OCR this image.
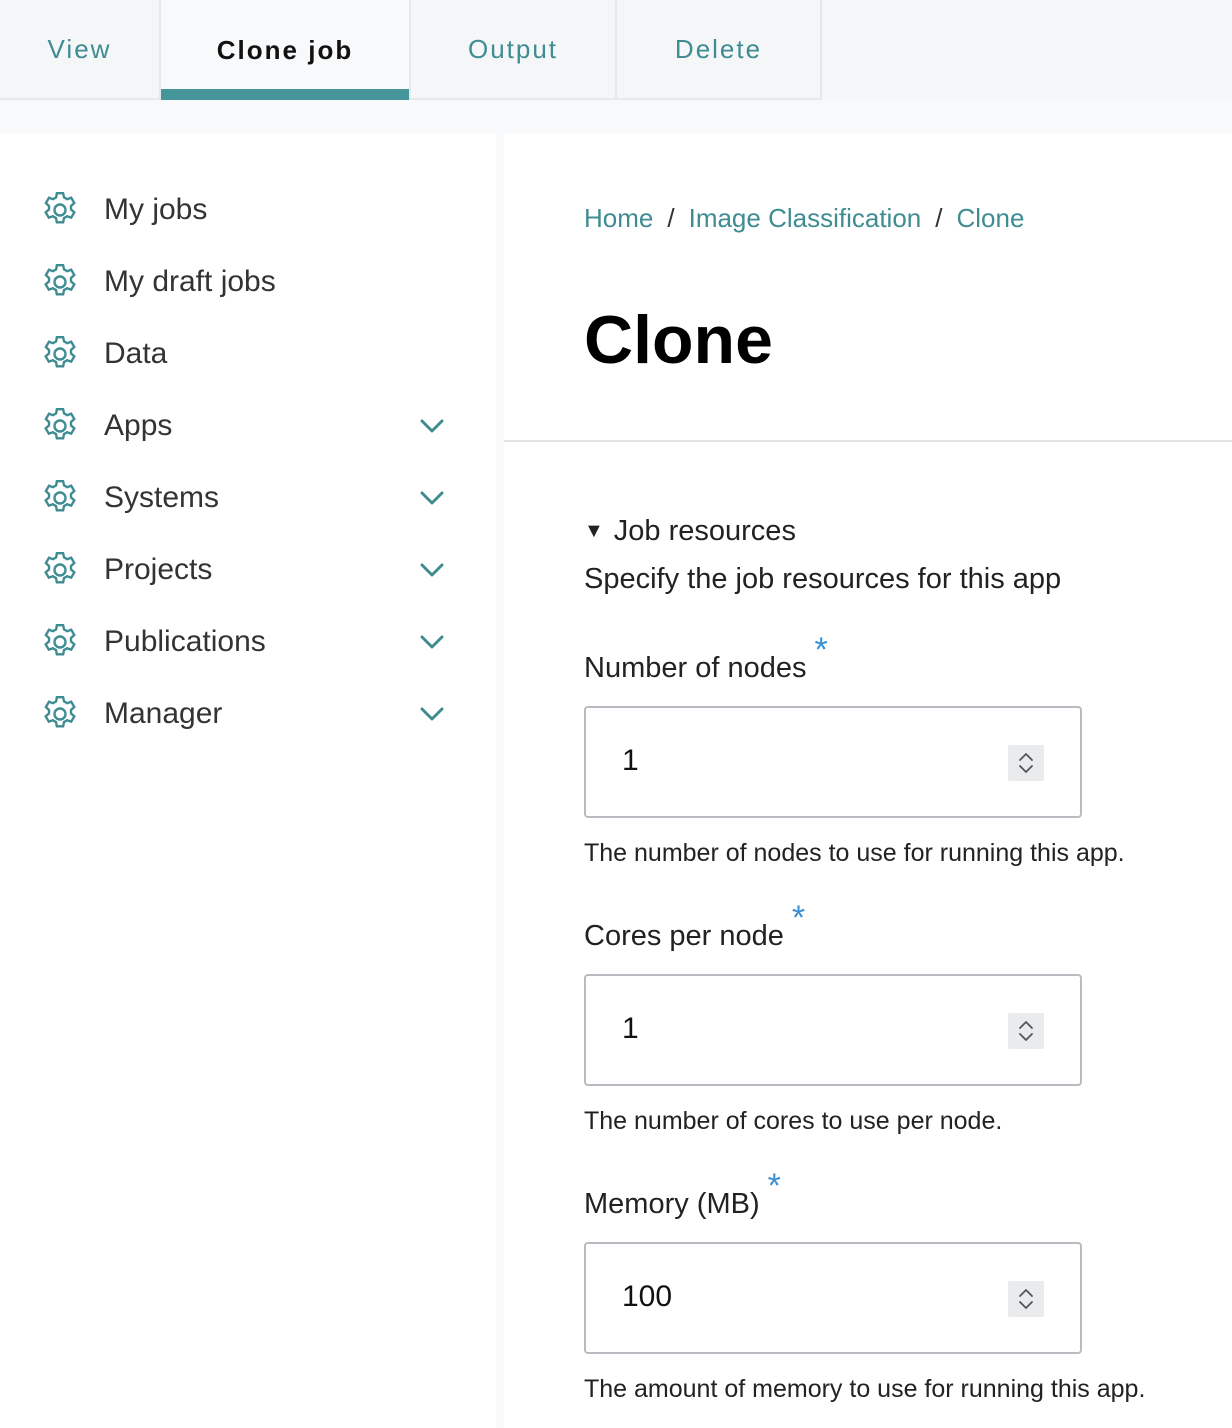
View	Clone job	Output	Delete
My jobs
My draft jobs
Data
Apps
Systems
Projects
Publications
Manager
Home / Image Classification / Clone
Clone
▼ Job resources
Specify the job resources for this app
Number of nodes *
1
The number of nodes to use for running this app.
Cores per node *
1
The number of cores to use per node.
Memory (MB) *
100
The amount of memory to use for running this app.
